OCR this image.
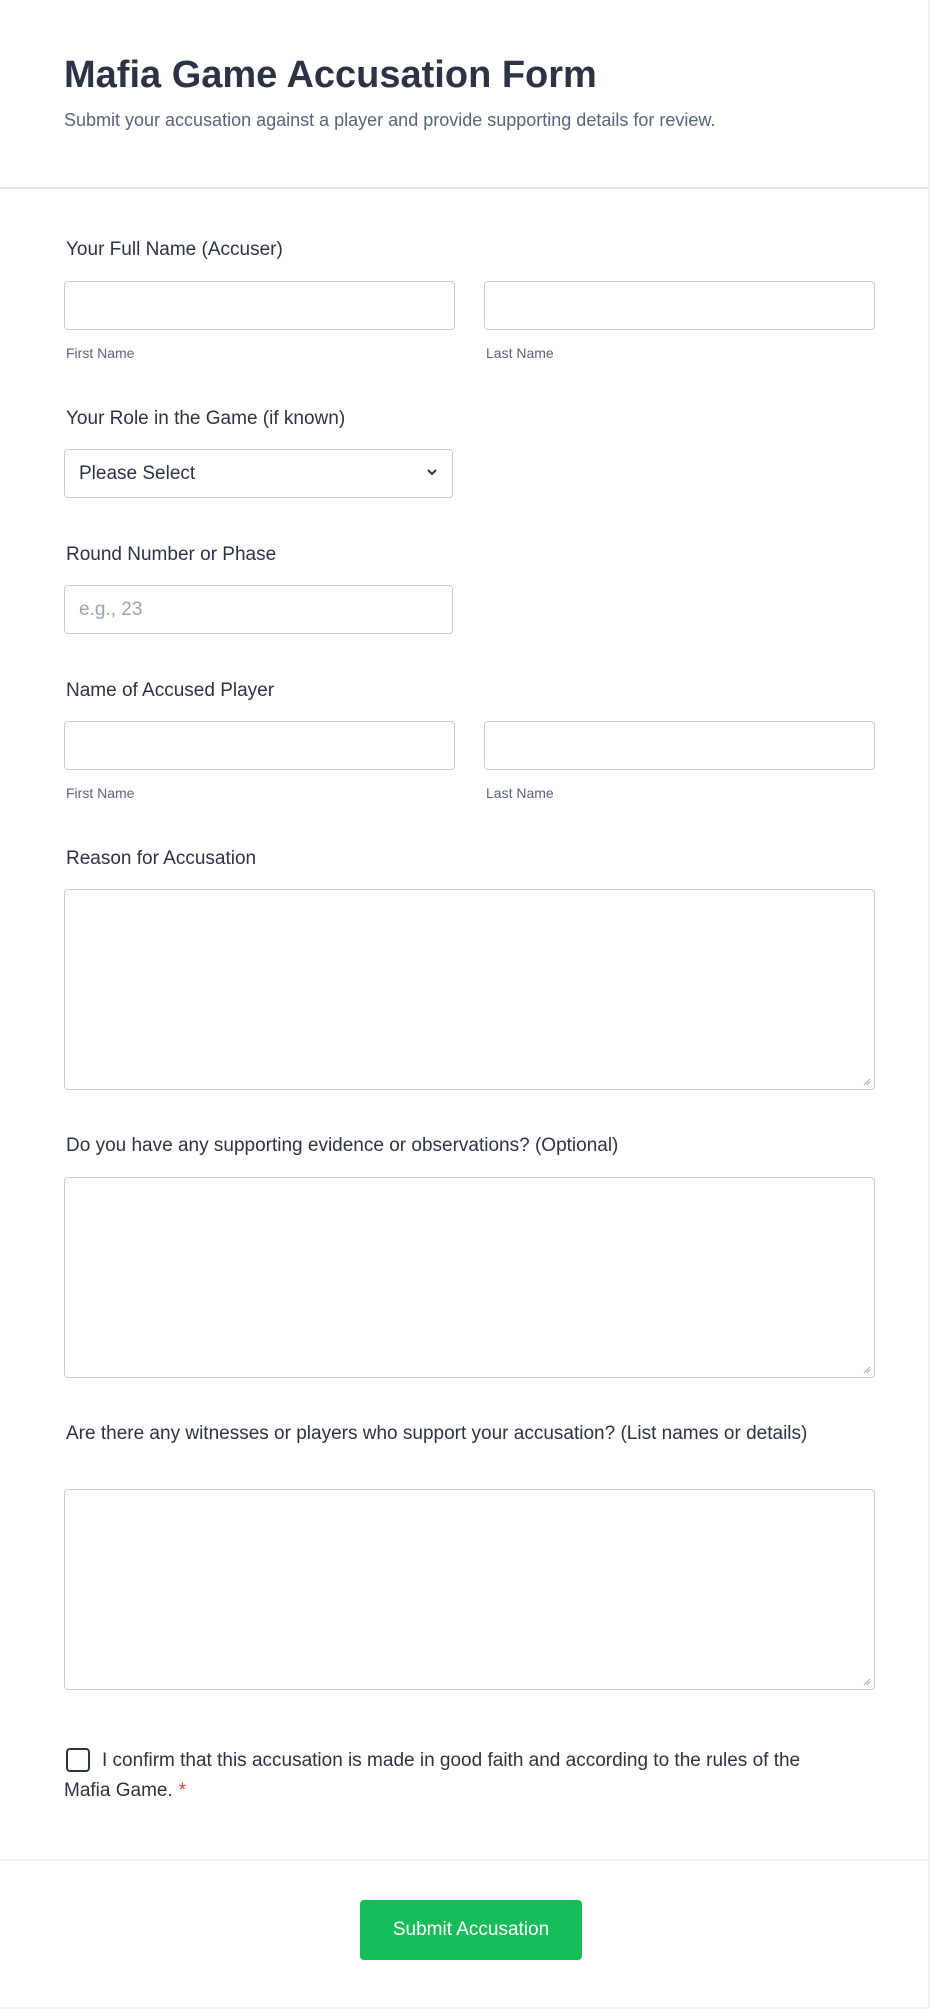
Mafia Game Accusation Form
Submit your accusation against a player and provide supporting details for review.
Your Full Name (Accuser)
First Name	Last Name
Your Role in the Game (if known)
Please Select
Round Number or Phase
e.g., 23
Name of Accused Player
First Name	Last Name
Reason for Accusation
Do you have any supporting evidence or observations? (Optional)
Are there any witnesses or players who support your accusation? (List names or details)
I confirm that this accusation is made in good faith and according to the rules of the Mafia Game. *
Submit Accusation
